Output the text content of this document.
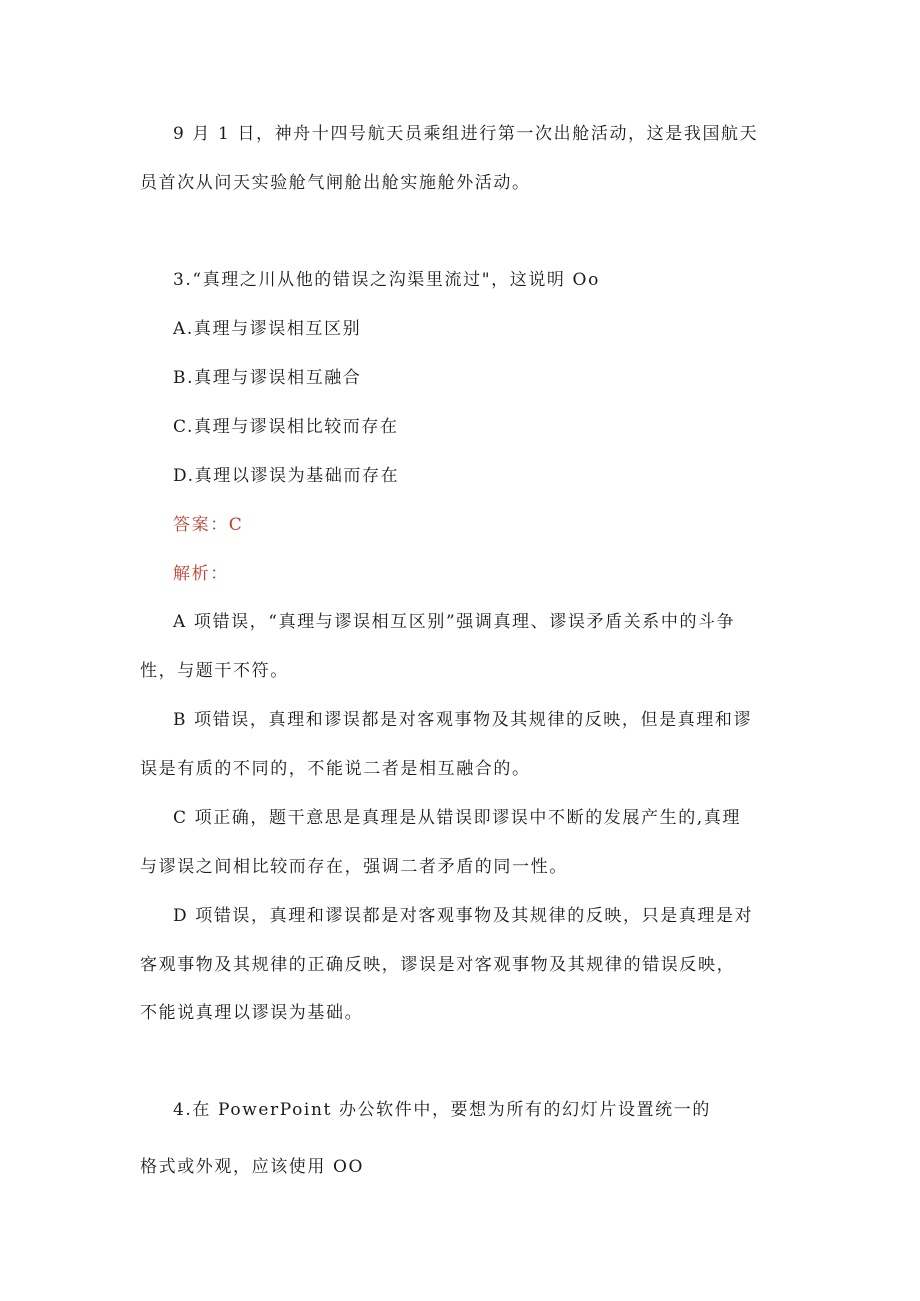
9 月 1 日，神舟十四号航天员乘组进行第一次出舱活动，这是我国航天
员首次从问天实验舱气闸舱出舱实施舱外活动。
3.“真理之川从他的错误之沟渠里流过"，这说明 Oo
A.真理与谬误相互区别
B.真理与谬误相互融合
C.真理与谬误相比较而存在
D.真理以谬误为基础而存在
答案：C
解析：
A 项错误，“真理与谬误相互区别”强调真理、谬误矛盾关系中的斗争
性，与题干不符。
B 项错误，真理和谬误都是对客观事物及其规律的反映，但是真理和谬
误是有质的不同的，不能说二者是相互融合的。
C 项正确，题干意思是真理是从错误即谬误中不断的发展产生的,真理
与谬误之间相比较而存在，强调二者矛盾的同一性。
D 项错误，真理和谬误都是对客观事物及其规律的反映，只是真理是对
客观事物及其规律的正确反映，谬误是对客观事物及其规律的错误反映，
不能说真理以谬误为基础。
4.在 PowerPoint 办公软件中，要想为所有的幻灯片设置统一的
格式或外观，应该使用 OO
